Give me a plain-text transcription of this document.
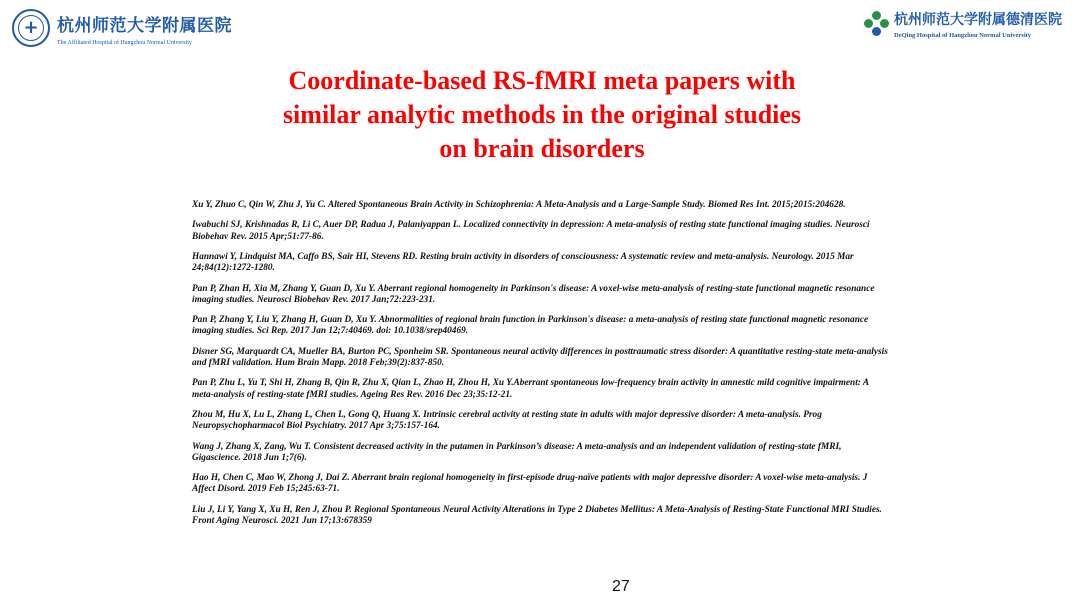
+
杭州师范大学附属医院
The Affiliated Hospital of Hangzhou Normal University
杭州师范大学附属德清医院
DeQing Hospital of Hangzhou Normal University
Coordinate-based RS-fMRI meta papers with
similar analytic methods in the original studies
on brain disorders
Xu Y, Zhuo C, Qin W, Zhu J, Yu C. Altered Spontaneous Brain Activity in Schizophrenia: A Meta-Analysis and a Large-Sample Study. Biomed Res Int. 2015;2015:204628.
Iwabuchi SJ, Krishnadas R, Li C, Auer DP, Radua J, Palaniyappan L. Localized connectivity in depression: A meta-analysis of resting state functional imaging studies. Neurosci Biobehav Rev. 2015 Apr;51:77-86.
Hannawi Y, Lindquist MA, Caffo BS, Sair HI, Stevens RD. Resting brain activity in disorders of consciousness: A systematic review and meta-analysis. Neurology. 2015 Mar 24;84(12):1272-1280.
Pan P, Zhan H, Xia M, Zhang Y, Guan D, Xu Y. Aberrant regional homogeneity in Parkinson's disease: A voxel-wise meta-analysis of resting-state functional magnetic resonance imaging studies. Neurosci Biobehav Rev. 2017 Jan;72:223-231.
Pan P, Zhang Y, Liu Y, Zhang H, Guan D, Xu Y. Abnormalities of regional brain function in Parkinson's disease: a meta-analysis of resting state functional magnetic resonance imaging studies. Sci Rep. 2017 Jan 12;7:40469. doi: 10.1038/srep40469.
Disner SG, Marquardt CA, Mueller BA, Burton PC, Sponheim SR. Spontaneous neural activity differences in posttraumatic stress disorder: A quantitative resting-state meta-analysis and fMRI validation. Hum Brain Mapp. 2018 Feb;39(2):837-850.
Pan P, Zhu L, Yu T, Shi H, Zhang B, Qin R, Zhu X, Qian L, Zhao H, Zhou H, Xu Y.Aberrant spontaneous low-frequency brain activity in amnestic mild cognitive impairment: A meta-analysis of resting-state fMRI studies. Ageing Res Rev. 2016 Dec 23;35:12-21.
Zhou M, Hu X, Lu L, Zhang L, Chen L, Gong Q, Huang X. Intrinsic cerebral activity at resting state in adults with major depressive disorder: A meta-analysis. Prog Neuropsychopharmacol Biol Psychiatry. 2017 Apr 3;75:157-164.
Wang J, Zhang X, Zang, Wu T. Consistent decreased activity in the putamen in Parkinson’s disease: A meta-analysis and an independent validation of resting-state fMRI, Gigascience. 2018 Jun 1;7(6).
Hao H, Chen C, Mao W, Zhong J, Dai Z. Aberrant brain regional homogeneity in first-episode drug-naïve patients with major depressive disorder: A voxel-wise meta-analysis. J Affect Disord. 2019 Feb 15;245:63-71.
Liu J, Li Y, Yang X, Xu H, Ren J, Zhou P. Regional Spontaneous Neural Activity Alterations in Type 2 Diabetes Mellitus: A Meta-Analysis of Resting-State Functional MRI Studies. Front Aging Neurosci. 2021 Jun 17;13:678359
27
